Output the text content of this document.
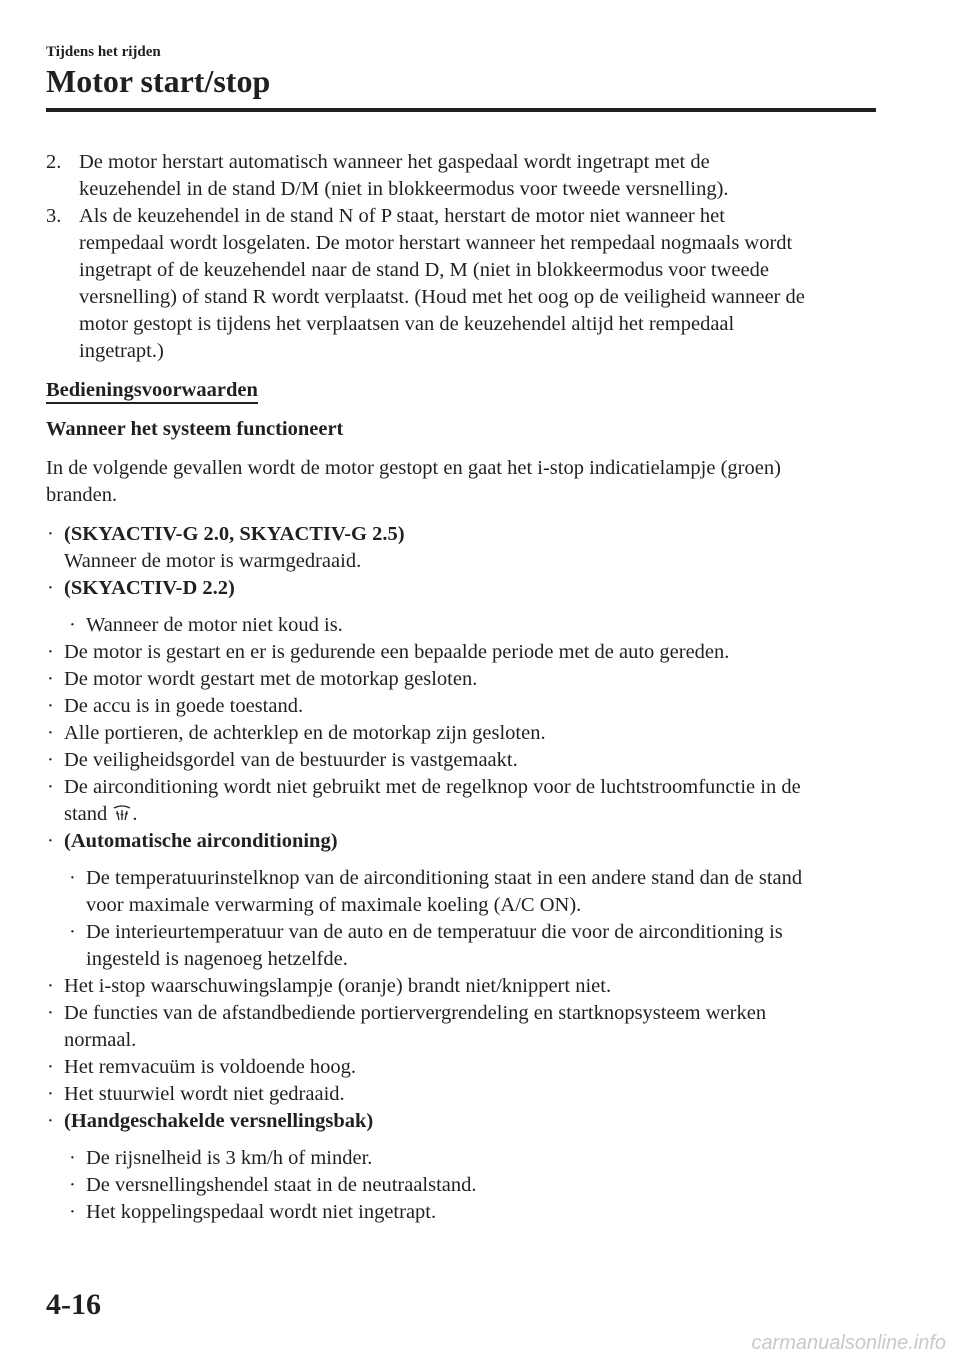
Tijdens het rijden
Motor start/stop
2. De motor herstart automatisch wanneer het gaspedaal wordt ingetrapt met de
keuzehendel in de stand D/M (niet in blokkeermodus voor tweede versnelling).
3. Als de keuzehendel in de stand N of P staat, herstart de motor niet wanneer het
rempedaal wordt losgelaten. De motor herstart wanneer het rempedaal nogmaals wordt
ingetrapt of de keuzehendel naar de stand D, M (niet in blokkeermodus voor tweede
versnelling) of stand R wordt verplaatst. (Houd met het oog op de veiligheid wanneer de
motor gestopt is tijdens het verplaatsen van de keuzehendel altijd het rempedaal
ingetrapt.)
Bedieningsvoorwaarden
Wanneer het systeem functioneert
In de volgende gevallen wordt de motor gestopt en gaat het i-stop indicatielampje (groen)
branden.
· (SKYACTIV-G 2.0, SKYACTIV-G 2.5)
Wanneer de motor is warmgedraaid.
· (SKYACTIV-D 2.2)
· Wanneer de motor niet koud is.
· De motor is gestart en er is gedurende een bepaalde periode met de auto gereden.
· De motor wordt gestart met de motorkap gesloten.
· De accu is in goede toestand.
· Alle portieren, de achterklep en de motorkap zijn gesloten.
· De veiligheidsgordel van de bestuurder is vastgemaakt.
· De airconditioning wordt niet gebruikt met de regelknop voor de luchtstroomfunctie in de
stand .
· (Automatische airconditioning)
· De temperatuurinstelknop van de airconditioning staat in een andere stand dan de stand
voor maximale verwarming of maximale koeling (A/C ON).
· De interieurtemperatuur van de auto en de temperatuur die voor de airconditioning is
ingesteld is nagenoeg hetzelfde.
· Het i-stop waarschuwingslampje (oranje) brandt niet/knippert niet.
· De functies van de afstandbediende portiervergrendeling en startknopsysteem werken
normaal.
· Het remvacuüm is voldoende hoog.
· Het stuurwiel wordt niet gedraaid.
· (Handgeschakelde versnellingsbak)
· De rijsnelheid is 3 km/h of minder.
· De versnellingshendel staat in de neutraalstand.
· Het koppelingspedaal wordt niet ingetrapt.
4-16
carmanualsonline.info
